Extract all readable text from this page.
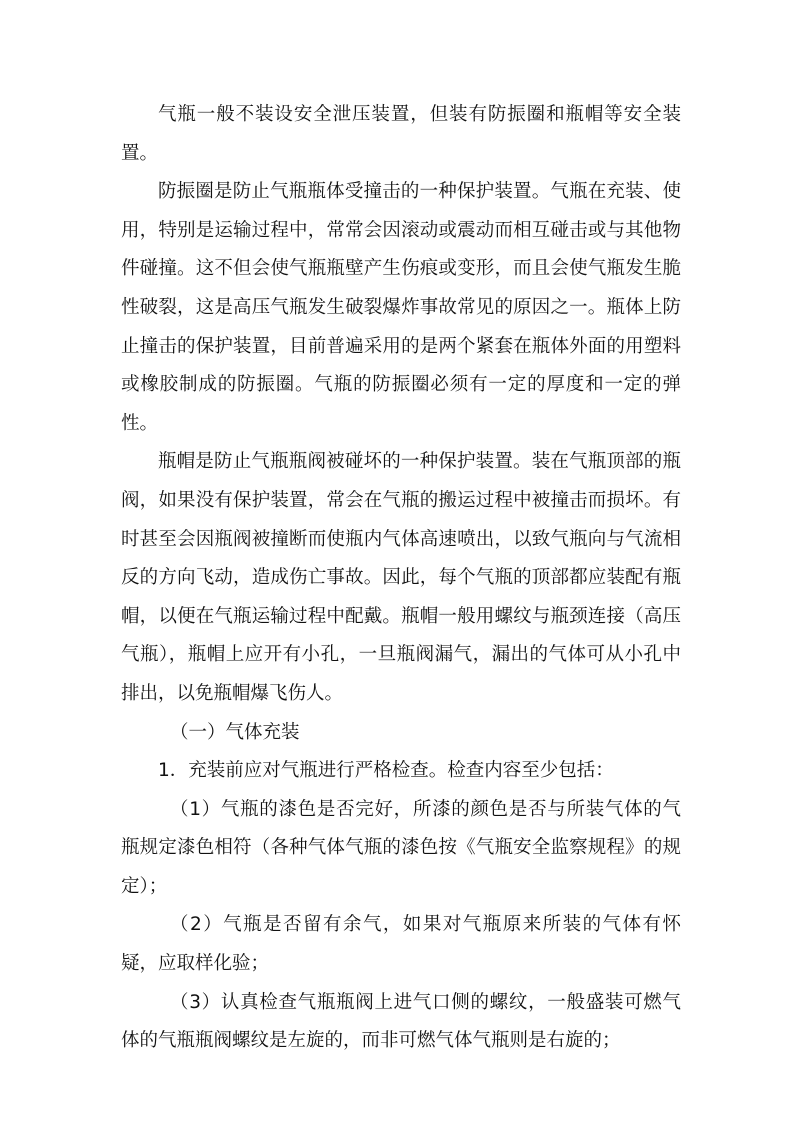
气瓶一般不装设安全泄压装置，但装有防振圈和瓶帽等安全装置。

防振圈是防止气瓶瓶体受撞击的一种保护装置。气瓶在充装、使用，特别是运输过程中，常常会因滚动或震动而相互碰击或与其他物件碰撞。这不但会使气瓶瓶壁产生伤痕或变形，而且会使气瓶发生脆性破裂，这是高压气瓶发生破裂爆炸事故常见的原因之一。瓶体上防止撞击的保护装置，目前普遍采用的是两个紧套在瓶体外面的用塑料或橡胶制成的防振圈。气瓶的防振圈必须有一定的厚度和一定的弹性。

瓶帽是防止气瓶瓶阀被碰坏的一种保护装置。装在气瓶顶部的瓶阀，如果没有保护装置，常会在气瓶的搬运过程中被撞击而损坏。有时甚至会因瓶阀被撞断而使瓶内气体高速喷出，以致气瓶向与气流相反的方向飞动，造成伤亡事故。因此，每个气瓶的顶部都应装配有瓶帽，以便在气瓶运输过程中配戴。瓶帽一般用螺纹与瓶颈连接（高压气瓶），瓶帽上应开有小孔，一旦瓶阀漏气，漏出的气体可从小孔中排出，以免瓶帽爆飞伤人。

（一）气体充装

1．充装前应对气瓶进行严格检查。检查内容至少包括：

（1）气瓶的漆色是否完好，所漆的颜色是否与所装气体的气瓶规定漆色相符（各种气体气瓶的漆色按《气瓶安全监察规程》的规定）；

（2）气瓶是否留有余气，如果对气瓶原来所装的气体有怀疑，应取样化验；

（3）认真检查气瓶瓶阀上进气口侧的螺纹，一般盛装可燃气体的气瓶瓶阀螺纹是左旋的，而非可燃气体气瓶则是右旋的；
